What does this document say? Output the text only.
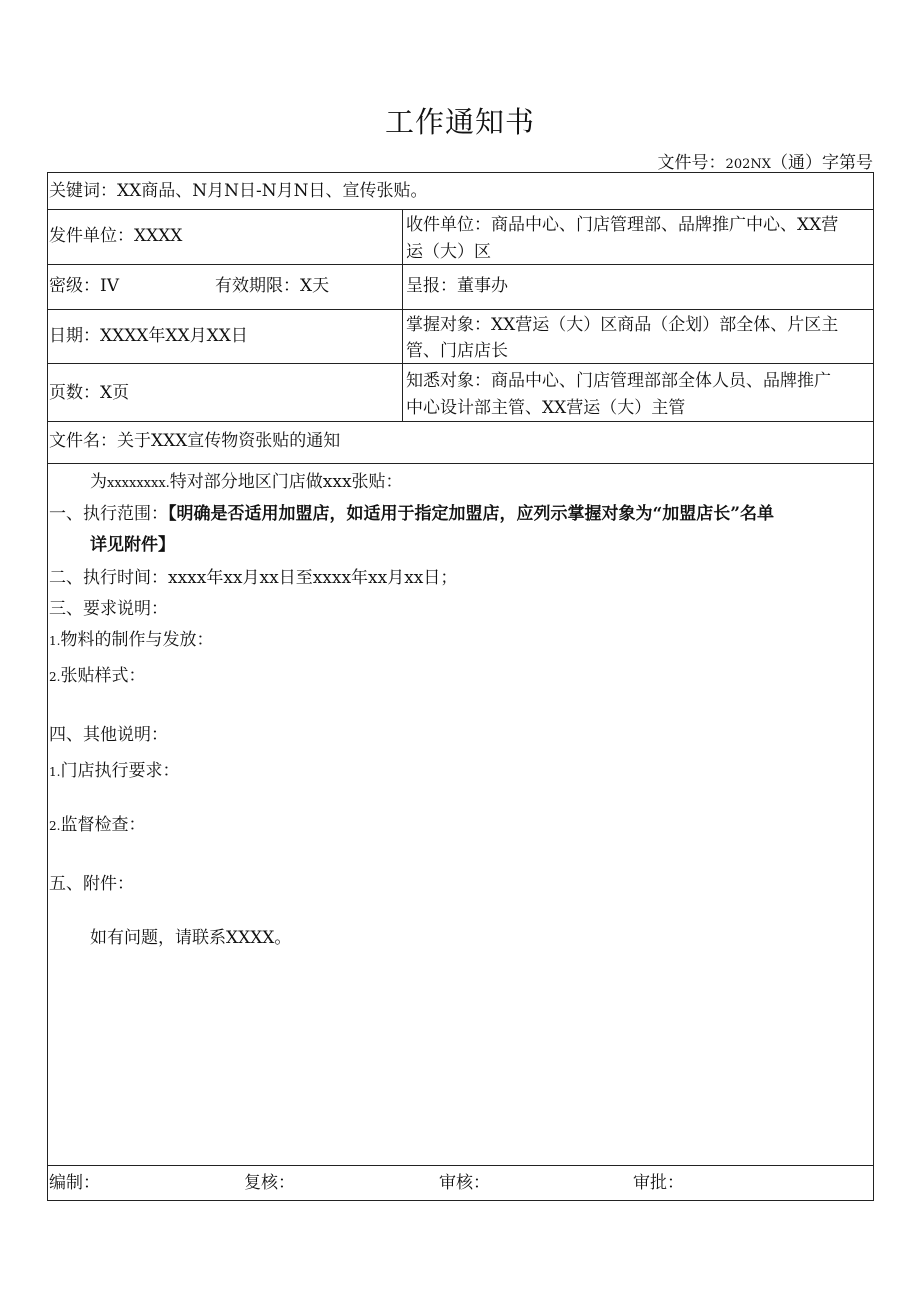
工作通知书
文件号：202NX（通）字第号
关键词：XX商品、N月N日-N月N日、宣传张贴。
发件单位：XXXX
收件单位：商品中心、门店管理部、品牌推广中心、XX营
运（大）区
密级：IV	有效期限：X天	呈报：董事办
日期：XXXX年XX月XX日
掌握对象：XX营运（大）区商品（企划）部全体、片区主
管、门店店长
页数：X页
知悉对象：商品中心、门店管理部部全体人员、品牌推广
中心设计部主管、XX营运（大）主管
文件名：关于XXX宣传物资张贴的通知
为xxxxxxxx.特对部分地区门店做xxx张贴：
一、执行范围：【明确是否适用加盟店，如适用于指定加盟店，应列示掌握对象为“加盟店长”名单
详见附件】
二、执行时间：xxxx年xx月xx日至xxxx年xx月xx日；
三、要求说明：
1.物料的制作与发放：
2.张贴样式：
四、其他说明：
1.门店执行要求：
2.监督检查：
五、附件：
如有问题，请联系XXXX。
编制：	复核：	审核：	审批：
